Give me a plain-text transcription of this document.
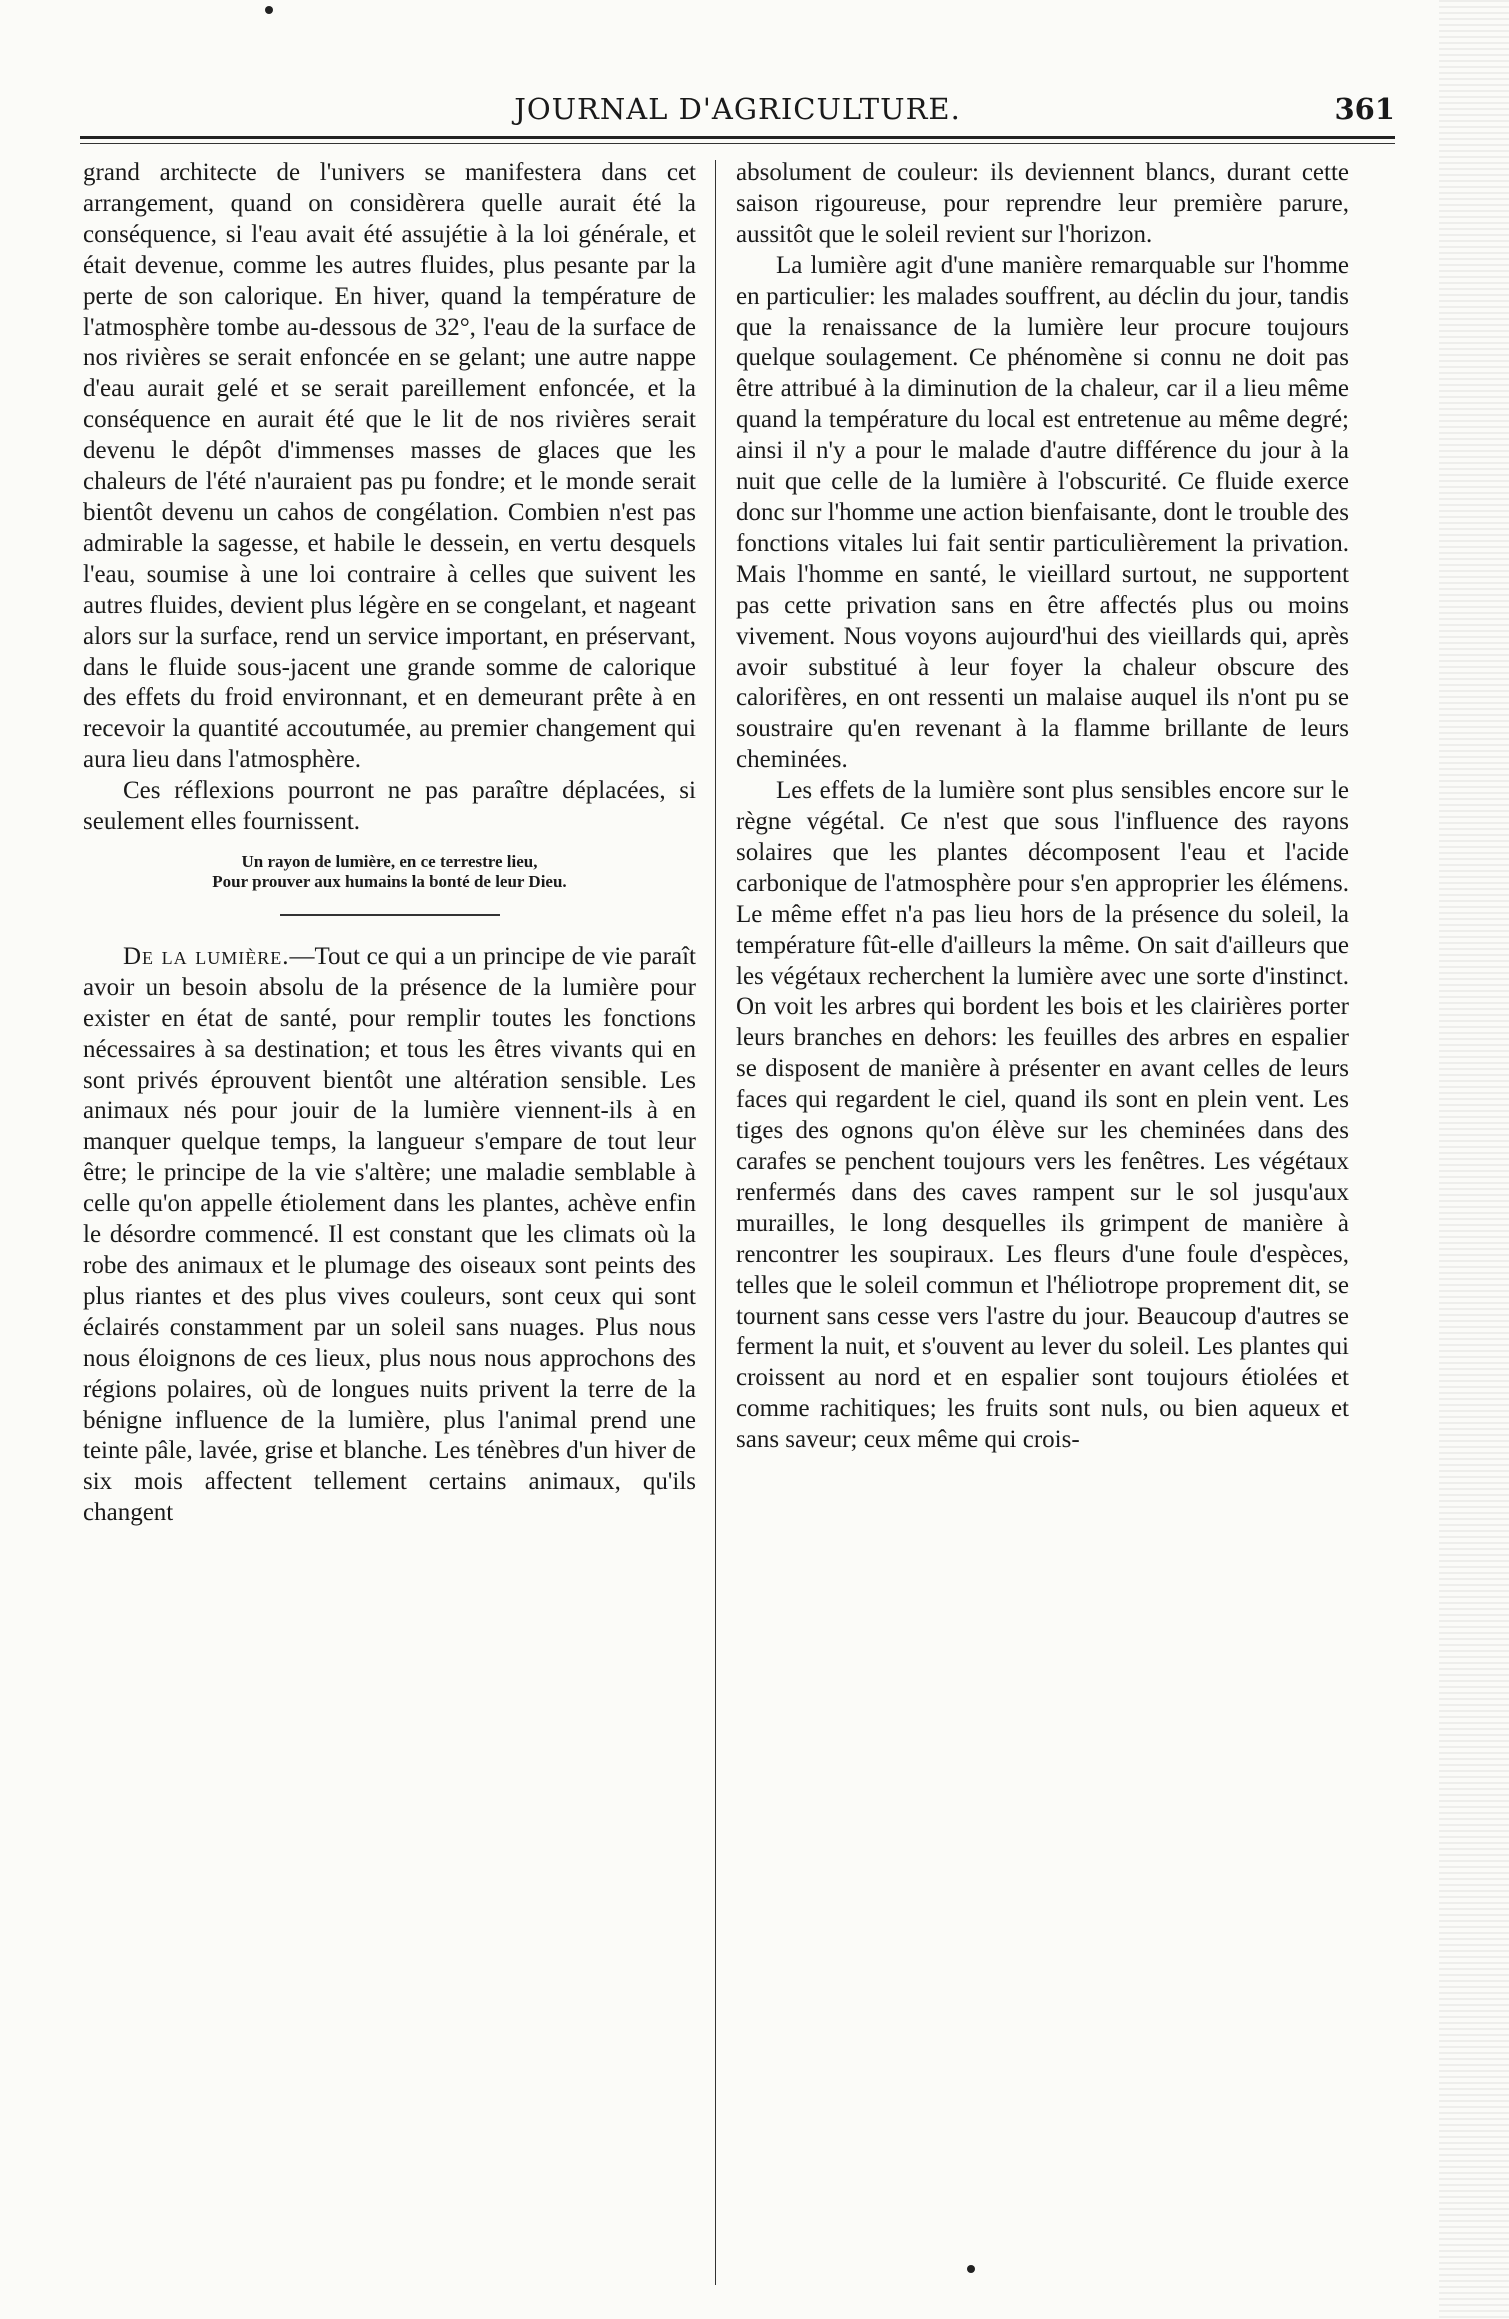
JOURNAL D'AGRICULTURE.	361

grand architecte de l'univers se manifestera dans cet arrangement, quand on considèrera quelle aurait été la conséquence, si l'eau avait été assujétie à la loi générale, et était devenue, comme les autres fluides, plus pesante par la perte de son calorique. En hiver, quand la température de l'atmosphère tombe au-dessous de 32°, l'eau de la surface de nos rivières se serait enfoncée en se gelant; une autre nappe d'eau aurait gelé et se serait pareillement enfoncée, et la conséquence en aurait été que le lit de nos rivières serait devenu le dépôt d'immenses masses de glaces que les chaleurs de l'été n'auraient pas pu fondre; et le monde serait bientôt devenu un cahos de congélation. Combien n'est pas admirable la sagesse, et habile le dessein, en vertu desquels l'eau, soumise à une loi contraire à celles que suivent les autres fluides, devient plus légère en se congelant, et nageant alors sur la surface, rend un service important, en préservant, dans le fluide sous-jacent une grande somme de calorique des effets du froid environnant, et en demeurant prête à en recevoir la quantité accoutumée, au premier changement qui aura lieu dans l'atmosphère.

Ces réflexions pourront ne pas paraître déplacées, si seulement elles fournissent.

Un rayon de lumière, en ce terrestre lieu,
Pour prouver aux humains la bonté de leur Dieu.

De la lumière.—Tout ce qui a un principe de vie paraît avoir un besoin absolu de la présence de la lumière pour exister en état de santé, pour remplir toutes les fonctions nécessaires à sa destination; et tous les êtres vivants qui en sont privés éprouvent bientôt une altération sensible. Les animaux nés pour jouir de la lumière viennent-ils à en manquer quelque temps, la langueur s'empare de tout leur être; le principe de la vie s'altère; une maladie semblable à celle qu'on appelle étiolement dans les plantes, achève enfin le désordre commencé. Il est constant que les climats où la robe des animaux et le plumage des oiseaux sont peints des plus riantes et des plus vives couleurs, sont ceux qui sont éclairés constamment par un soleil sans nuages. Plus nous nous éloignons de ces lieux, plus nous nous approchons des régions polaires, où de longues nuits privent la terre de la bénigne influence de la lumière, plus l'animal prend une teinte pâle, lavée, grise et blanche. Les ténèbres d'un hiver de six mois affectent tellement certains animaux, qu'ils changent

absolument de couleur: ils deviennent blancs, durant cette saison rigoureuse, pour reprendre leur première parure, aussitôt que le soleil revient sur l'horizon.

La lumière agit d'une manière remarquable sur l'homme en particulier: les malades souffrent, au déclin du jour, tandis que la renaissance de la lumière leur procure toujours quelque soulagement. Ce phénomène si connu ne doit pas être attribué à la diminution de la chaleur, car il a lieu même quand la température du local est entretenue au même degré; ainsi il n'y a pour le malade d'autre différence du jour à la nuit que celle de la lumière à l'obscurité. Ce fluide exerce donc sur l'homme une action bienfaisante, dont le trouble des fonctions vitales lui fait sentir particulièrement la privation. Mais l'homme en santé, le vieillard surtout, ne supportent pas cette privation sans en être affectés plus ou moins vivement. Nous voyons aujourd'hui des vieillards qui, après avoir substitué à leur foyer la chaleur obscure des calorifères, en ont ressenti un malaise auquel ils n'ont pu se soustraire qu'en revenant à la flamme brillante de leurs cheminées.

Les effets de la lumière sont plus sensibles encore sur le règne végétal. Ce n'est que sous l'influence des rayons solaires que les plantes décomposent l'eau et l'acide carbonique de l'atmosphère pour s'en approprier les élémens. Le même effet n'a pas lieu hors de la présence du soleil, la température fût-elle d'ailleurs la même. On sait d'ailleurs que les végétaux recherchent la lumière avec une sorte d'instinct. On voit les arbres qui bordent les bois et les clairières porter leurs branches en dehors: les feuilles des arbres en espalier se disposent de manière à présenter en avant celles de leurs faces qui regardent le ciel, quand ils sont en plein vent. Les tiges des ognons qu'on élève sur les cheminées dans des carafes se penchent toujours vers les fenêtres. Les végétaux renfermés dans des caves rampent sur le sol jusqu'aux murailles, le long desquelles ils grimpent de manière à rencontrer les soupiraux. Les fleurs d'une foule d'espèces, telles que le soleil commun et l'héliotrope proprement dit, se tournent sans cesse vers l'astre du jour. Beaucoup d'autres se ferment la nuit, et s'ouvent au lever du soleil. Les plantes qui croissent au nord et en espalier sont toujours étiolées et comme rachitiques; les fruits sont nuls, ou bien aqueux et sans saveur; ceux même qui crois-
